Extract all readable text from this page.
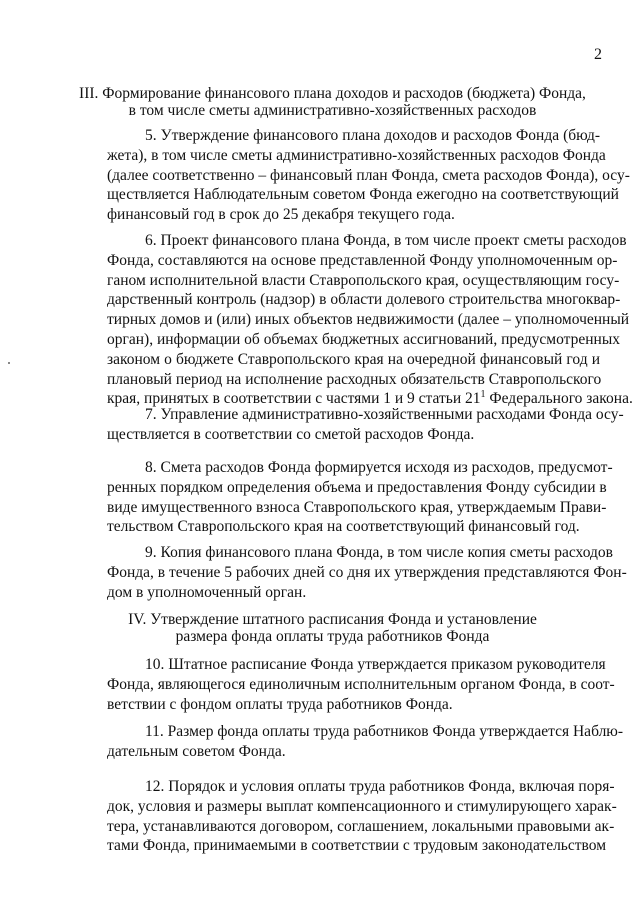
2
III. Формирование финансового плана доходов и расходов (бюджета) Фонда,
в том числе сметы административно-хозяйственных расходов
5. Утверждение финансового плана доходов и расходов Фонда (бюд-
жета), в том числе сметы административно-хозяйственных расходов Фонда
(далее соответственно – финансовый план Фонда, смета расходов Фонда), осу-
ществляется Наблюдательным советом Фонда ежегодно на соответствующий
финансовый год в срок до 25 декабря текущего года.
6. Проект финансового плана Фонда, в том числе проект сметы расходов
Фонда, составляются на основе представленной Фонду уполномоченным ор-
ганом исполнительной власти Ставропольского края, осуществляющим госу-
дарственный контроль (надзор) в области долевого строительства многоквар-
тирных домов и (или) иных объектов недвижимости (далее – уполномоченный
орган), информации об объемах бюджетных ассигнований, предусмотренных
законом о бюджете Ставропольского края на очередной финансовый год и
плановый период на исполнение расходных обязательств Ставропольского
края, принятых в соответствии с частями 1 и 9 статьи $21^1$ Федерального закона.
7. Управление административно-хозяйственными расходами Фонда осу-
ществляется в соответствии со сметой расходов Фонда.
8. Смета расходов Фонда формируется исходя из расходов, предусмот-
ренных порядком определения объема и предоставления Фонду субсидии в
виде имущественного взноса Ставропольского края, утверждаемым Прави-
тельством Ставропольского края на соответствующий финансовый год.
9. Копия финансового плана Фонда, в том числе копия сметы расходов
Фонда, в течение 5 рабочих дней со дня их утверждения представляются Фон-
дом в уполномоченный орган.
IV. Утверждение штатного расписания Фонда и установление
размера фонда оплаты труда работников Фонда
10. Штатное расписание Фонда утверждается приказом руководителя
Фонда, являющегося единоличным исполнительным органом Фонда, в соот-
ветствии с фондом оплаты труда работников Фонда.
11. Размер фонда оплаты труда работников Фонда утверждается Наблю-
дательным советом Фонда.
12. Порядок и условия оплаты труда работников Фонда, включая поря-
док, условия и размеры выплат компенсационного и стимулирующего харак-
тера, устанавливаются договором, соглашением, локальными правовыми ак-
тами Фонда, принимаемыми в соответствии с трудовым законодательством
